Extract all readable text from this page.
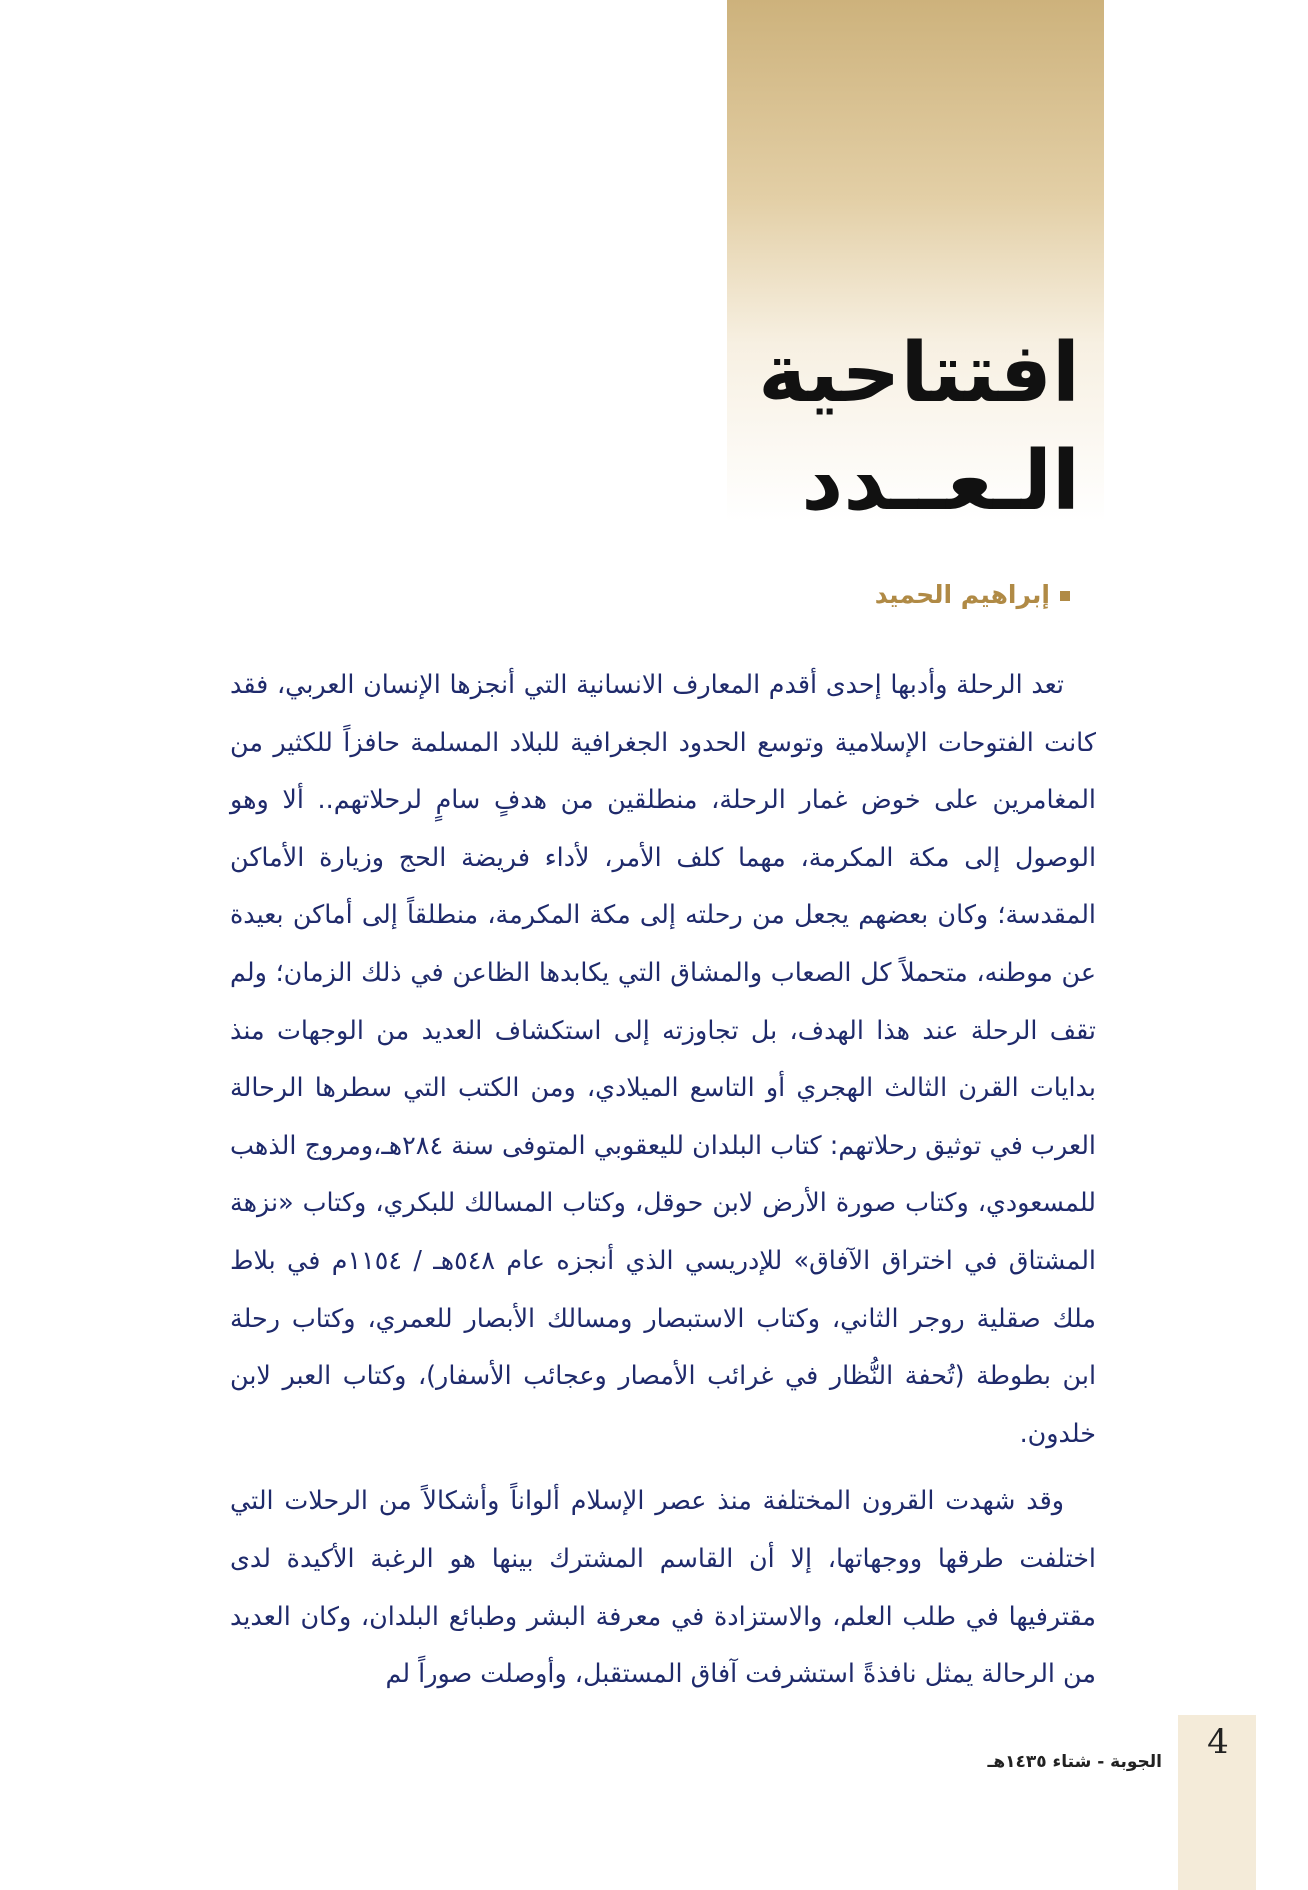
افتتاحية
الـعــدد
إبراهيم الحميد

تعد الرحلة وأدبها إحدى أقدم المعارف الانسانية التي أنجزها الإنسان العربي، فقد كانت الفتوحات الإسلامية وتوسع الحدود الجغرافية للبلاد المسلمة حافزاً للكثير من المغامرين على خوض غمار الرحلة، منطلقين من هدفٍ سامٍ لرحلاتهم.. ألا وهو الوصول إلى مكة المكرمة، مهما كلف الأمر، لأداء فريضة الحج وزيارة الأماكن المقدسة؛ وكان بعضهم يجعل من رحلته إلى مكة المكرمة، منطلقاً إلى أماكن بعيدة عن موطنه، متحملاً كل الصعاب والمشاق التي يكابدها الظاعن في ذلك الزمان؛ ولم تقف الرحلة عند هذا الهدف، بل تجاوزته إلى استكشاف العديد من الوجهات منذ بدايات القرن الثالث الهجري أو التاسع الميلادي، ومن الكتب التي سطرها الرحالة العرب في توثيق رحلاتهم: كتاب البلدان لليعقوبي المتوفى سنة ٢٨٤هـ،ومروج الذهب للمسعودي، وكتاب صورة الأرض لابن حوقل، وكتاب المسالك للبكري، وكتاب «نزهة المشتاق في اختراق الآفاق» للإدريسي الذي أنجزه عام ٥٤٨هـ / ١١٥٤م في بلاط ملك صقلية روجر الثاني، وكتاب الاستبصار ومسالك الأبصار للعمري، وكتاب رحلة ابن بطوطة (تُحفة النُّظار في غرائب الأمصار وعجائب الأسفار)، وكتاب العبر لابن خلدون.

وقد شهدت القرون المختلفة منذ عصر الإسلام ألواناً وأشكالاً من الرحلات التي اختلفت طرقها ووجهاتها، إلا أن القاسم المشترك بينها هو الرغبة الأكيدة لدى مقترفيها في طلب العلم، والاستزادة في معرفة البشر وطبائع البلدان، وكان العديد من الرحالة يمثل نافذةً استشرفت آفاق المستقبل، وأوصلت صوراً لم

4
الجوبة - شتاء ١٤٣٥هـ
